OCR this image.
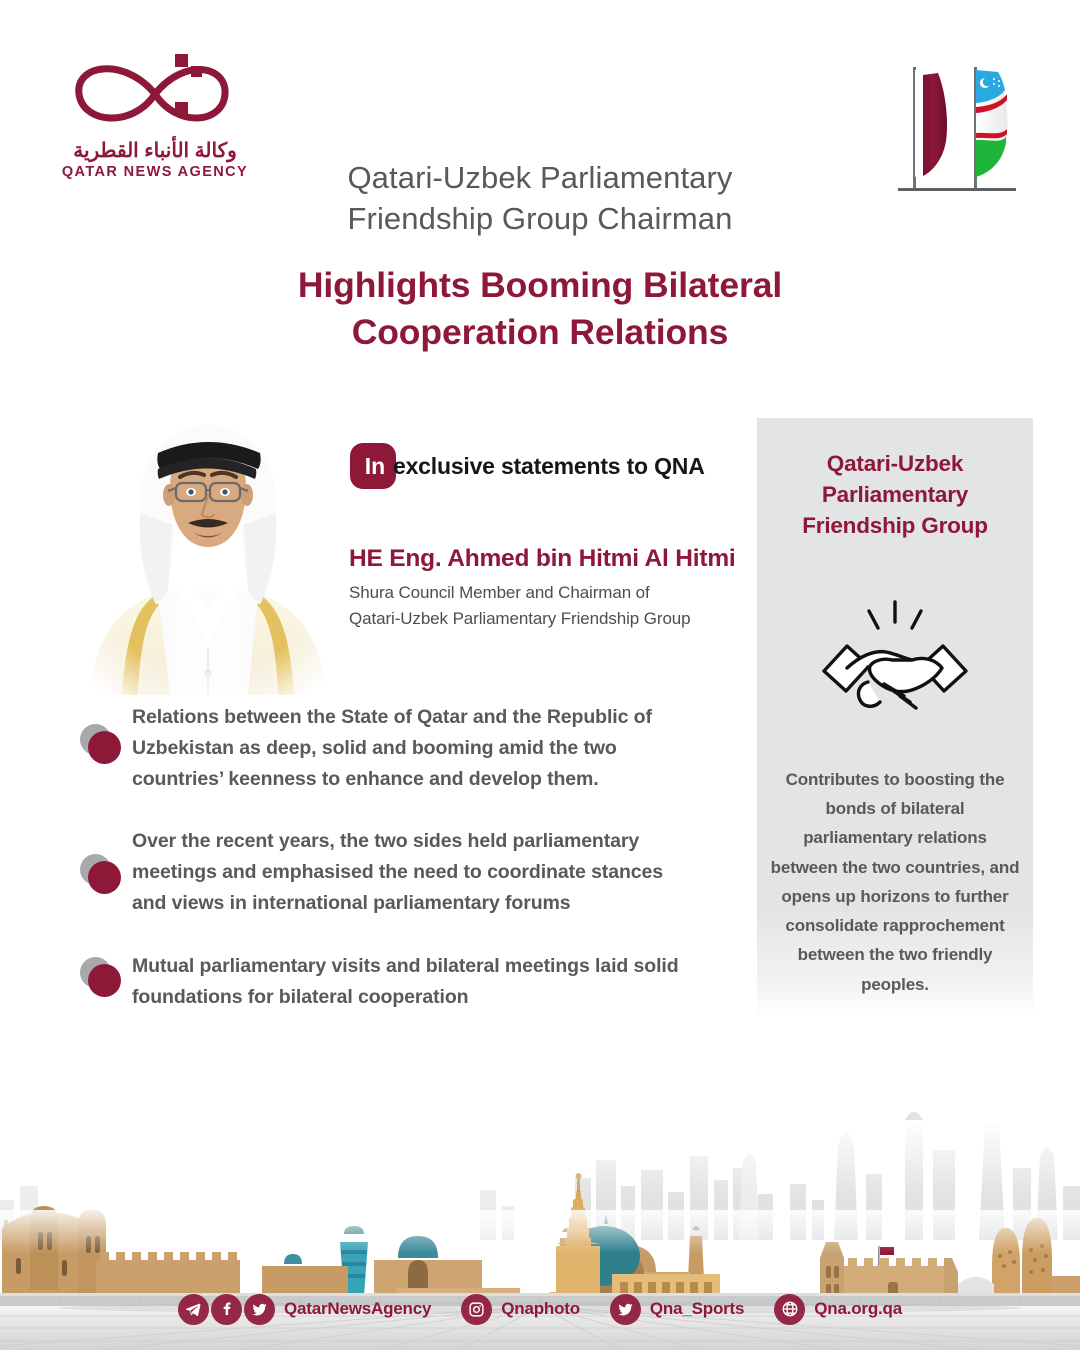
وكالة الأنباء القطرية
QATAR NEWS AGENCY	Qatari-Uzbek Parliamentary
Friendship Group Chairman
Highlights Booming Bilateral
Cooperation Relations
In exclusive statements to QNA
HE Eng. Ahmed bin Hitmi Al Hitmi
Shura Council Member and Chairman of
Qatari-Uzbek Parliamentary Friendship Group
Relations between the State of Qatar and the Republic of Uzbekistan as deep, solid and booming amid the two countries’ keenness to enhance and develop them.
Over the recent years, the two sides held parliamentary meetings and emphasised the need to coordinate stances and views in international parliamentary forums
Mutual parliamentary visits and bilateral meetings laid solid foundations for bilateral cooperation
Qatari-Uzbek
Parliamentary
Friendship Group
Contributes to boosting the bonds of bilateral parliamentary relations between the two countries, and opens up horizons to further consolidate rapprochement between the two friendly peoples.
QatarNewsAgency	Qnaphoto	Qna_Sports	Qna.org.qa
